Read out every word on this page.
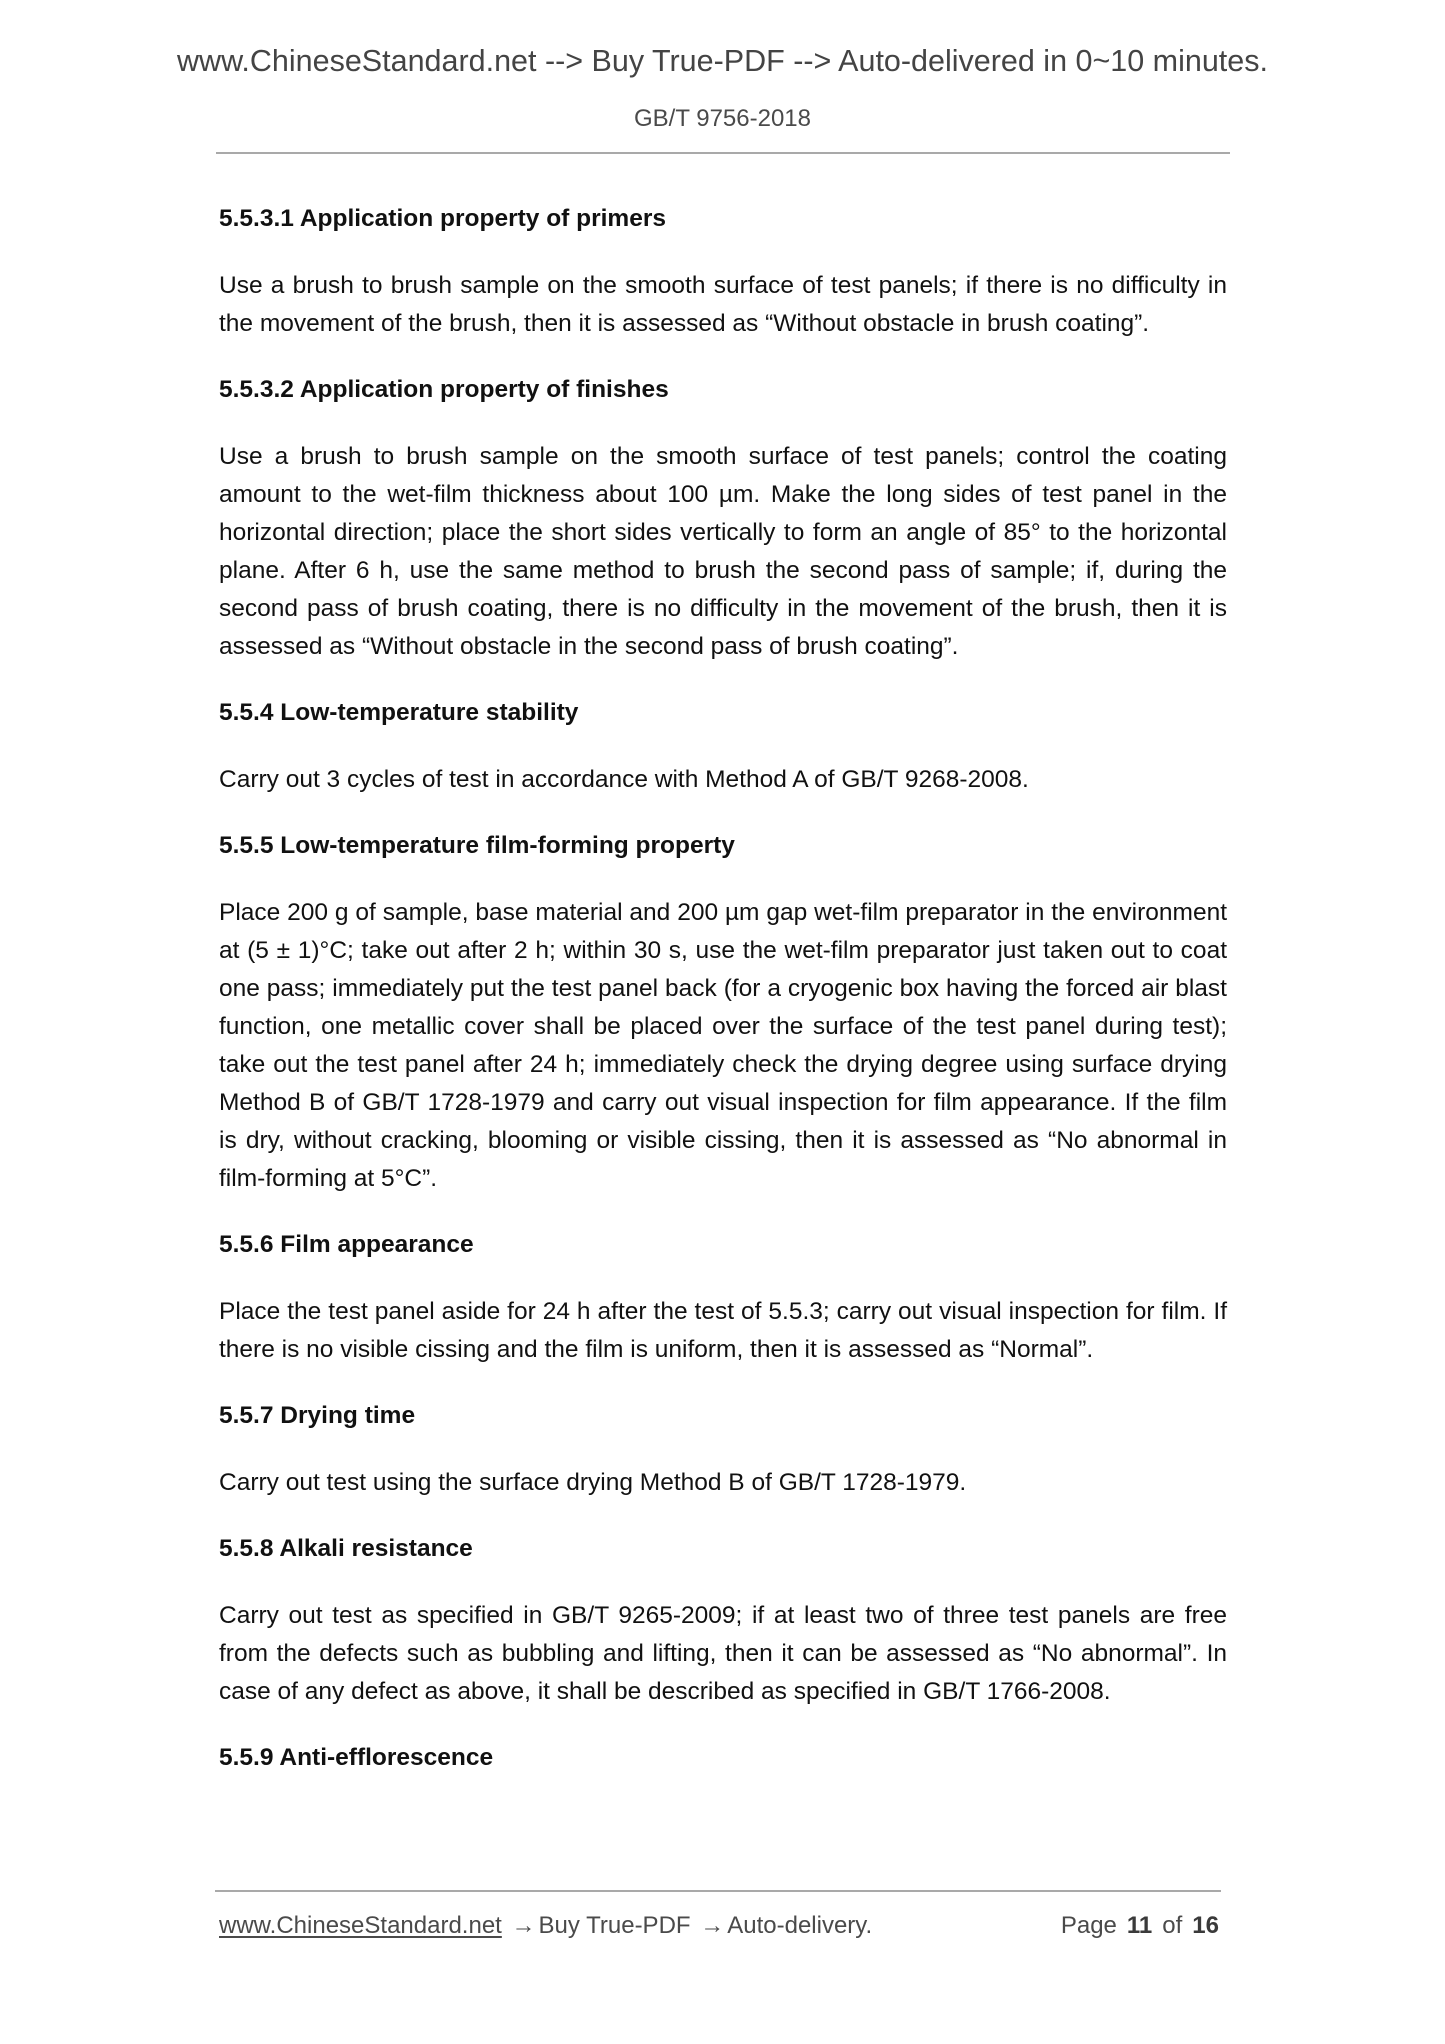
www.ChineseStandard.net --> Buy True-PDF --> Auto-delivered in 0~10 minutes.
GB/T 9756-2018
5.5.3.1 Application property of primers

Use a brush to brush sample on the smooth surface of test panels; if there is no difficulty in the movement of the brush, then it is assessed as “Without obstacle in brush coating”.

5.5.3.2 Application property of finishes

Use a brush to brush sample on the smooth surface of test panels; control the coating amount to the wet-film thickness about 100 µm. Make the long sides of test panel in the horizontal direction; place the short sides vertically to form an angle of 85° to the horizontal plane. After 6 h, use the same method to brush the second pass of sample; if, during the second pass of brush coating, there is no difficulty in the movement of the brush, then it is assessed as “Without obstacle in the second pass of brush coating”.

5.5.4 Low-temperature stability

Carry out 3 cycles of test in accordance with Method A of GB/T 9268-2008.

5.5.5 Low-temperature film-forming property

Place 200 g of sample, base material and 200 µm gap wet-film preparator in the environment at (5 ± 1)°C; take out after 2 h; within 30 s, use the wet-film preparator just taken out to coat one pass; immediately put the test panel back (for a cryogenic box having the forced air blast function, one metallic cover shall be placed over the surface of the test panel during test); take out the test panel after 24 h; immediately check the drying degree using surface drying Method B of GB/T 1728-1979 and carry out visual inspection for film appearance. If the film is dry, without cracking, blooming or visible cissing, then it is assessed as “No abnormal in film-forming at 5°C”.

5.5.6 Film appearance

Place the test panel aside for 24 h after the test of 5.5.3; carry out visual inspection for film. If there is no visible cissing and the film is uniform, then it is assessed as “Normal”.

5.5.7 Drying time

Carry out test using the surface drying Method B of GB/T 1728-1979.

5.5.8 Alkali resistance

Carry out test as specified in GB/T 9265-2009; if at least two of three test panels are free from the defects such as bubbling and lifting, then it can be assessed as “No abnormal”. In case of any defect as above, it shall be described as specified in GB/T 1766-2008.

5.5.9 Anti-efflorescence
www.ChineseStandard.net → Buy True-PDF → Auto-delivery.	Page 11 of 16
